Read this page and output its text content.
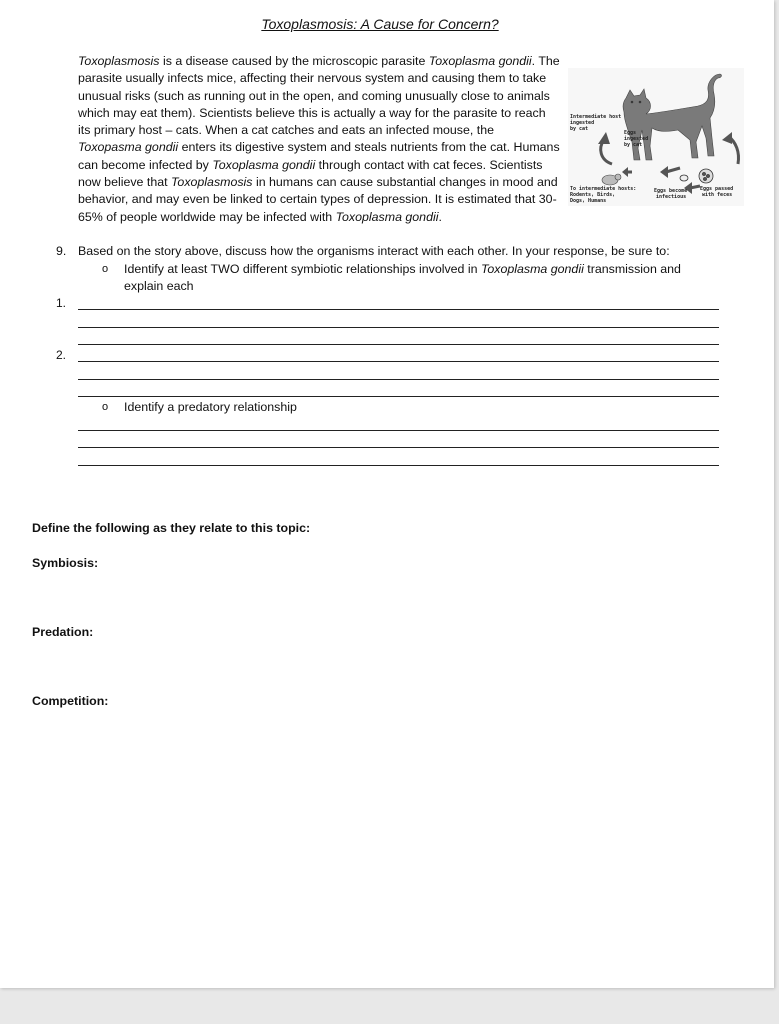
Toxoplasmosis: A Cause for Concern?

Toxoplasmosis is a disease caused by the microscopic parasite Toxoplasma gondii. The parasite usually infects mice, affecting their nervous system and causing them to take unusual risks (such as running out in the open, and coming unusually close to animals which may eat them). Scientists believe this is actually a way for the parasite to reach its primary host – cats. When a cat catches and eats an infected mouse, the Toxopasma gondii enters its digestive system and steals nutrients from the cat. Humans can become infected by Toxoplasma gondii through contact with cat feces. Scientists now believe that Toxoplasmosis in humans can cause substantial changes in mood and behavior, and may even be linked to certain types of depression. It is estimated that 30-65% of people worldwide may be infected with Toxoplasma gondii.

Intermediate host
ingested
by cat
Eggs
ingested
by cat
To intermediate hosts:
Rodents, Birds,
Dogs, Humans
Eggs become
infectious
Eggs passed
with feces
9. Based on the story above, discuss how the organisms interact with each other. In your response, be sure to:
o Identify at least TWO different symbiotic relationships involved in Toxoplasma gondii transmission and explain each
1.
2.
o Identify a predatory relationship
Define the following as they relate to this topic:
Symbiosis:
Predation:
Competition:
